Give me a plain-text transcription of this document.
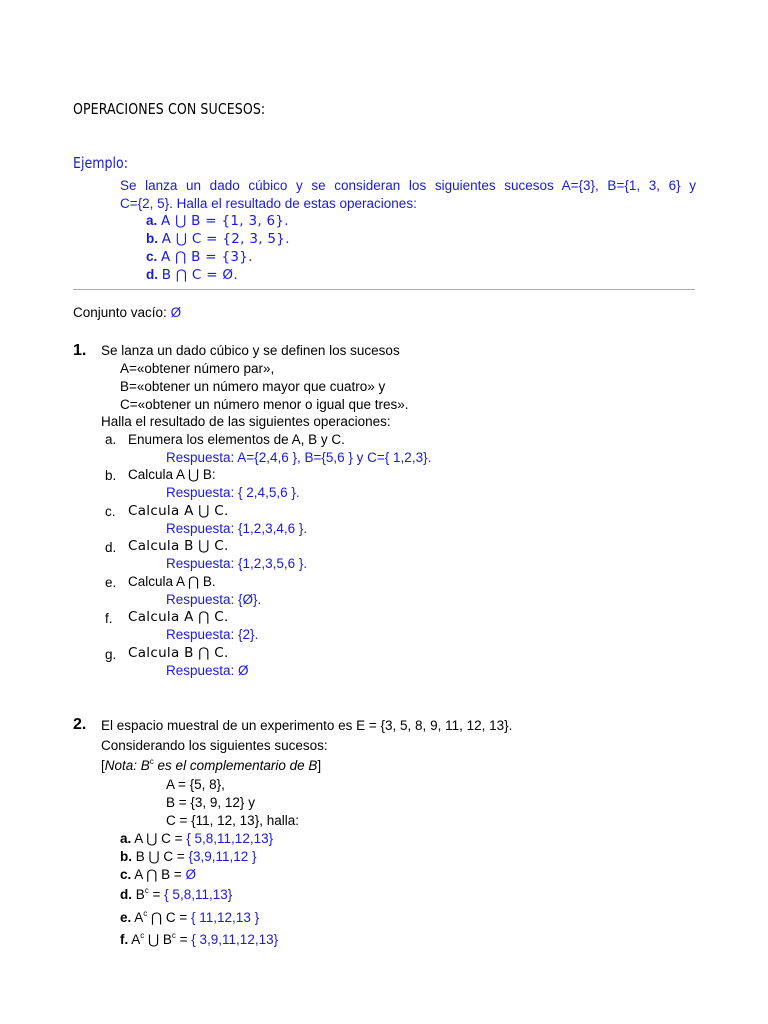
OPERACIONES CON SUCESOS:
Ejemplo:
Se lanza un dado cúbico y se consideran los siguientes sucesos A={3}, B={1, 3, 6} y
C={2, 5}. Halla el resultado de estas operaciones:
a. A ⋃ B = {1, 3, 6}.
b. A ⋃ C = {2, 3, 5}.
c. A ⋂ B = {3}.
d. B ⋂ C = Ø.
Conjunto vacío: Ø
1. Se lanza un dado cúbico y se definen los sucesos
A=«obtener número par»,
B=«obtener un número mayor que cuatro» y
C=«obtener un número menor o igual que tres».
Halla el resultado de las siguientes operaciones:
a. Enumera los elementos de A, B y C.
Respuesta: A={2,4,6 }, B={5,6 } y C={ 1,2,3}.
b. Calcula A ⋃ B:
Respuesta: { 2,4,5,6 }.
c. Calcula A ⋃ C.
Respuesta: {1,2,3,4,6 }.
d. Calcula B ⋃ C.
Respuesta: {1,2,3,5,6 }.
e. Calcula A ⋂ B.
Respuesta: {Ø}.
f. Calcula A ⋂ C.
Respuesta: {2}.
g. Calcula B ⋂ C.
Respuesta: Ø
2. El espacio muestral de un experimento es E = {3, 5, 8, 9, 11, 12, 13}.
Considerando los siguientes sucesos:
[Nota: $B^c$ es el complementario de B]
A = {5, 8},
B = {3, 9, 12} y
C = {11, 12, 13}, halla:
a. A ⋃ C = { 5,8,11,12,13}
b. B ⋃ C = {3,9,11,12 }
c. A ⋂ B = Ø
d. $B^c$ = { 5,8,11,13}
e. $A^c$ ⋂ C = { 11,12,13 }
f. $A^c$ ⋃ $B^c$ = { 3,9,11,12,13}
